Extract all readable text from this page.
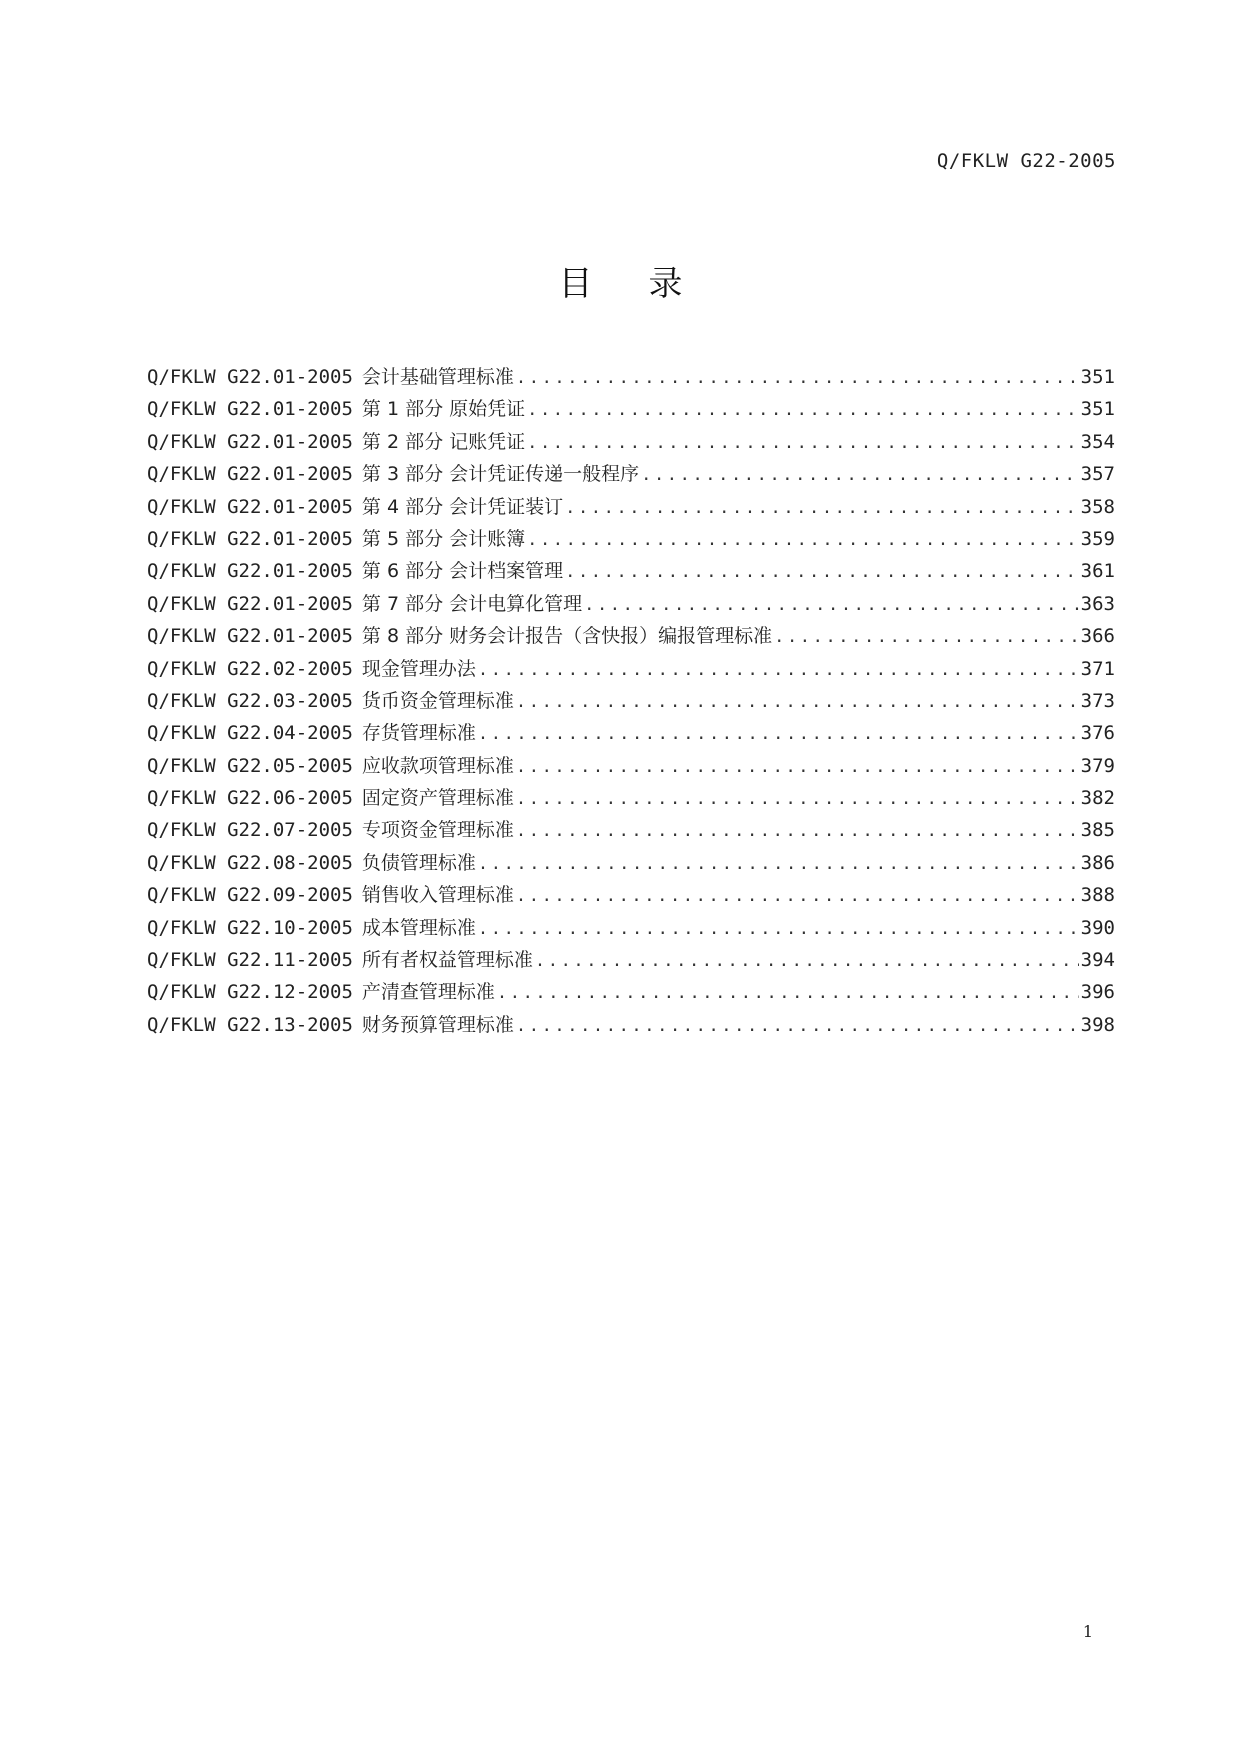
Q/FKLW G22-2005
目录
Q/FKLW G22.01-2005 会计基础管理标准 .....	351
Q/FKLW G22.01-2005 第 1 部分 原始凭证 .....	351
Q/FKLW G22.01-2005 第 2 部分 记账凭证 .....	354
Q/FKLW G22.01-2005 第 3 部分 会计凭证传递一般程序 .....	357
Q/FKLW G22.01-2005 第 4 部分 会计凭证装订 .....	358
Q/FKLW G22.01-2005 第 5 部分 会计账簿 .....	359
Q/FKLW G22.01-2005 第 6 部分 会计档案管理 .....	361
Q/FKLW G22.01-2005 第 7 部分 会计电算化管理 .....	363
Q/FKLW G22.01-2005 第 8 部分 财务会计报告（含快报）编报管理标准 .....	366
Q/FKLW G22.02-2005 现金管理办法 .....	371
Q/FKLW G22.03-2005 货币资金管理标准 .....	373
Q/FKLW G22.04-2005 存货管理标准 .....	376
Q/FKLW G22.05-2005 应收款项管理标准 .....	379
Q/FKLW G22.06-2005 固定资产管理标准 .....	382
Q/FKLW G22.07-2005 专项资金管理标准 .....	385
Q/FKLW G22.08-2005 负债管理标准 .....	386
Q/FKLW G22.09-2005 销售收入管理标准 .....	388
Q/FKLW G22.10-2005 成本管理标准 .....	390
Q/FKLW G22.11-2005 所有者权益管理标准 .....	394
Q/FKLW G22.12-2005 产清查管理标准 .....	396
Q/FKLW G22.13-2005 财务预算管理标准 .....	398
1
